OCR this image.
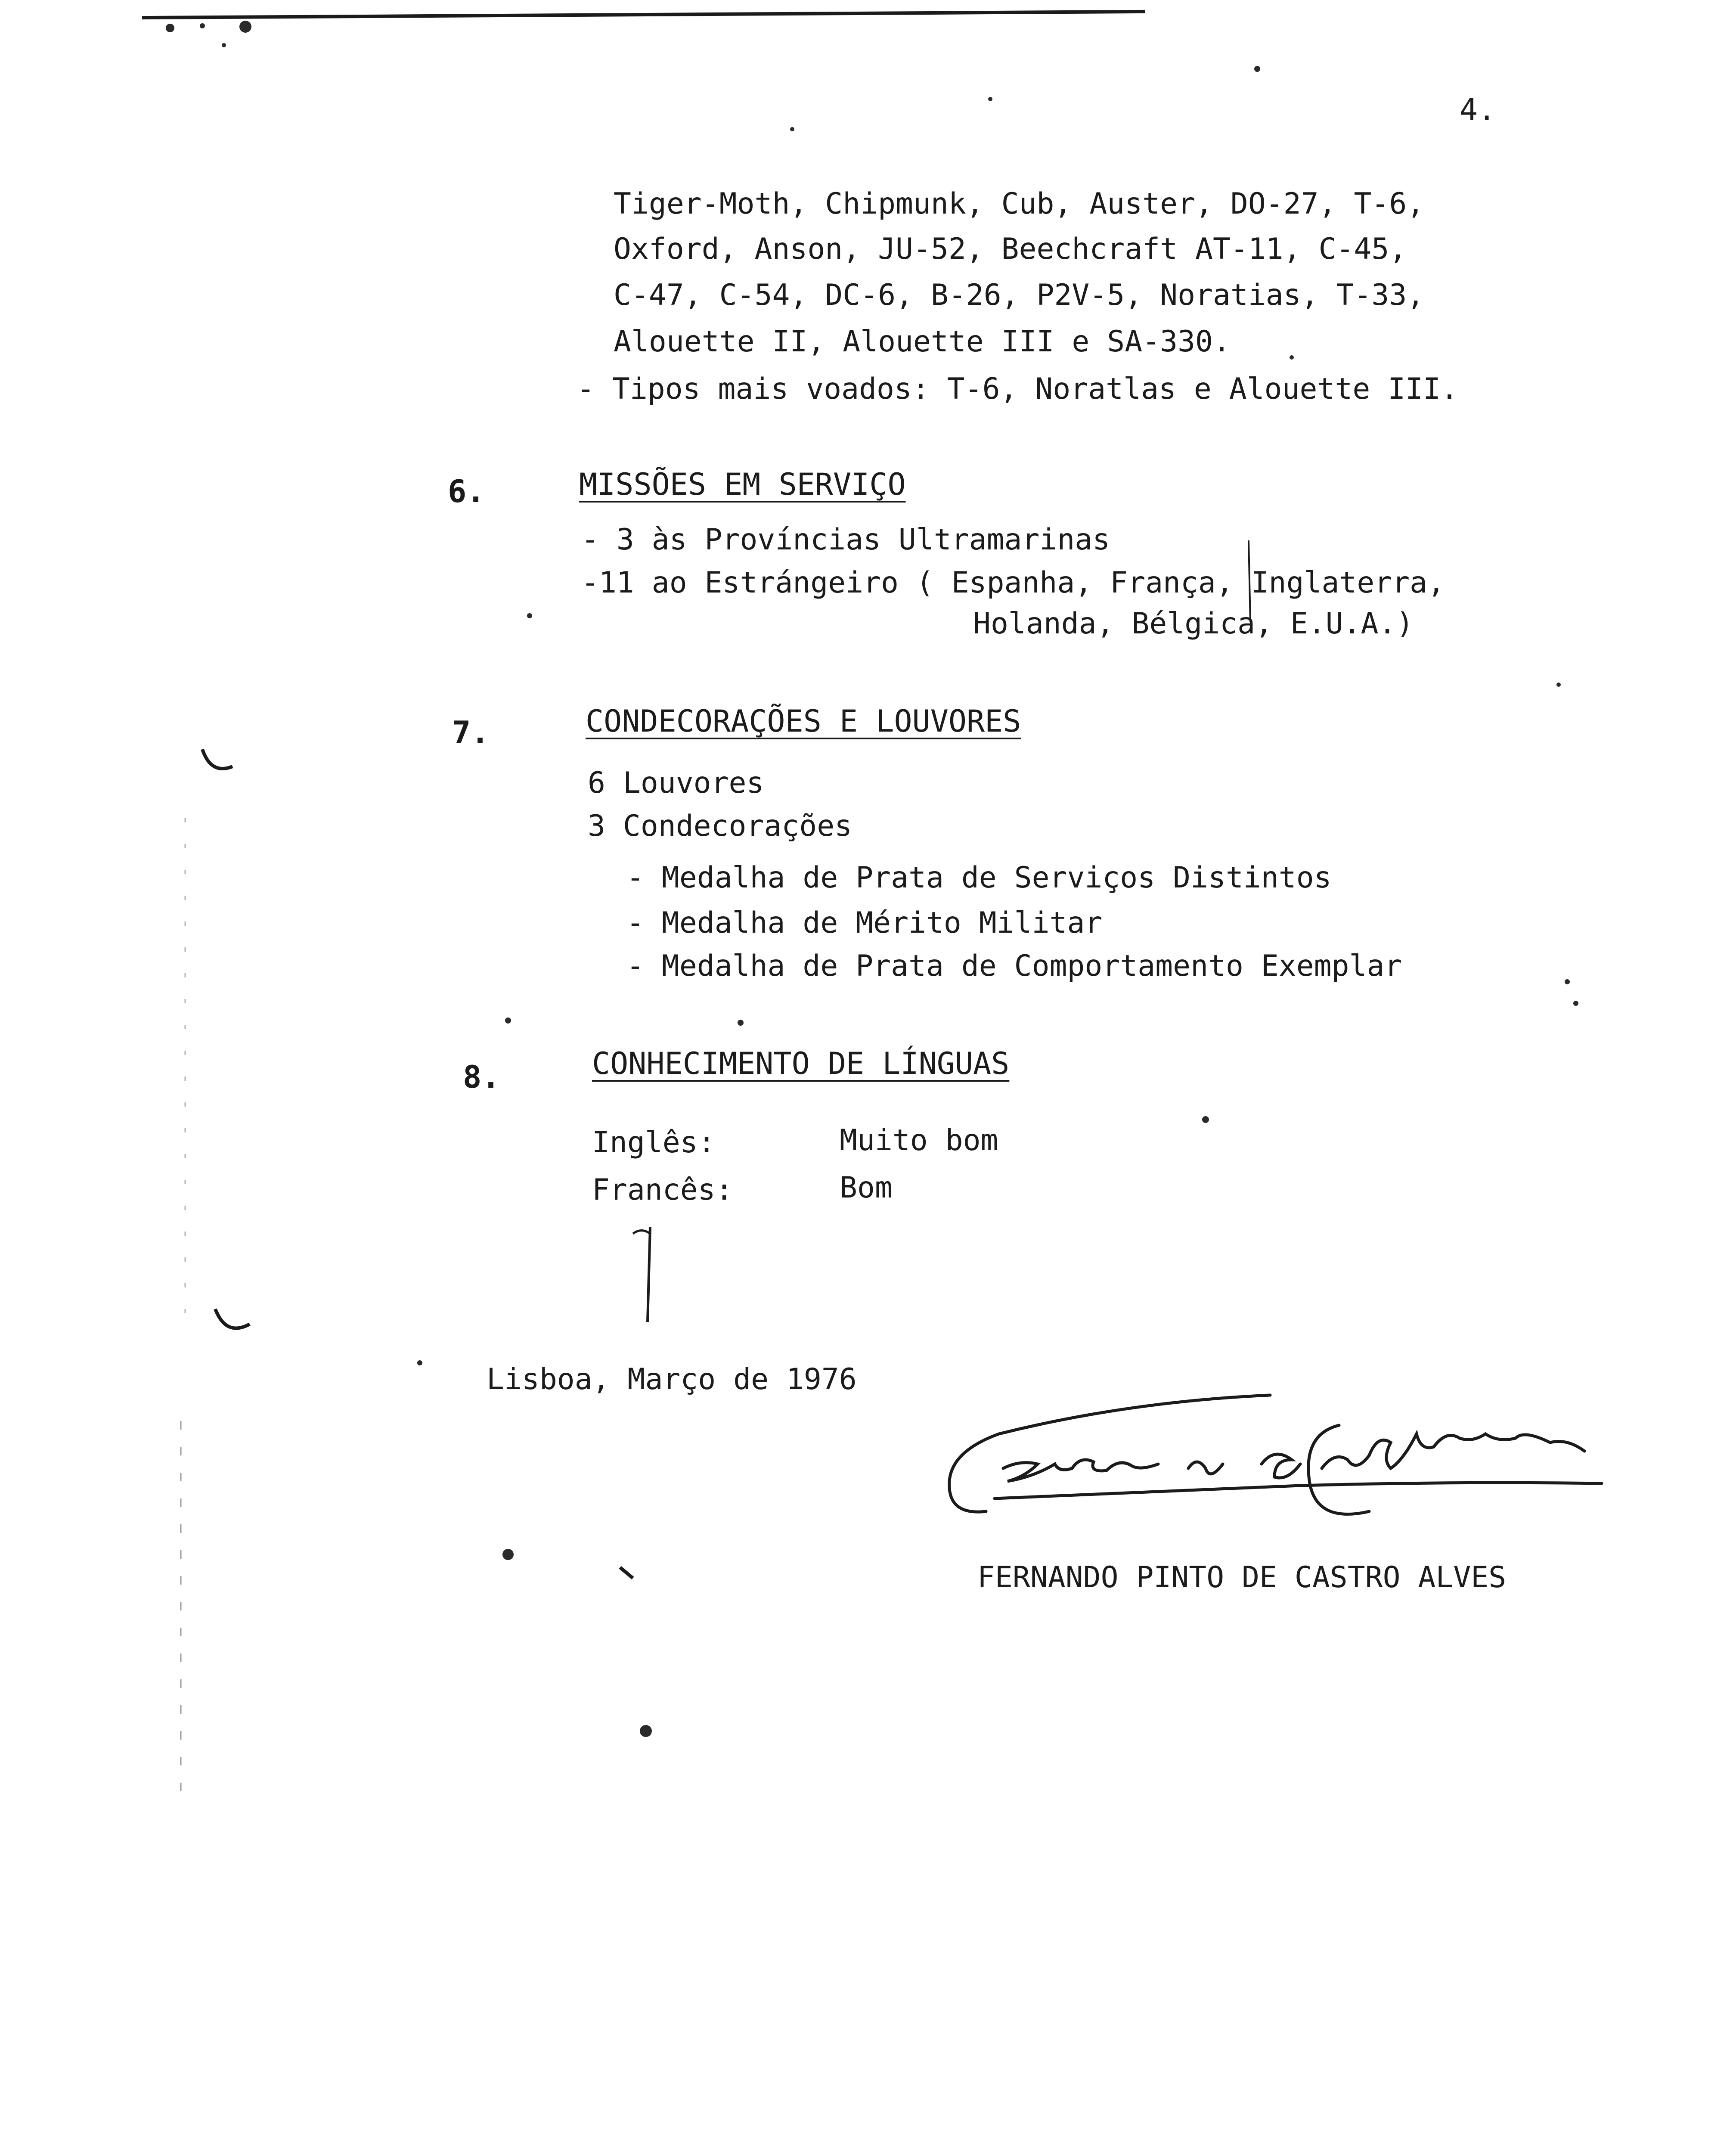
4.
Tiger-Moth, Chipmunk, Cub, Auster, DO-27, T-6,
Oxford, Anson, JU-52, Beechcraft AT-11, C-45,
C-47, C-54, DC-6, B-26, P2V-5, Noratias, T-33,
Alouette II, Alouette III e SA-330.
- Tipos mais voados: T-6, Noratlas e Alouette III.
6.	MISSÕES EM SERVIÇO
- 3 às Províncias Ultramarinas
-11 ao Estrángeiro ( Espanha, França, Inglaterra,
Holanda, Bélgica, E.U.A.)
7.	CONDECORAÇÕES E LOUVORES
6 Louvores
3 Condecorações
- Medalha de Prata de Serviços Distintos
- Medalha de Mérito Militar
- Medalha de Prata de Comportamento Exemplar
8.	CONHECIMENTO DE LÍNGUAS
Inglês:	Muito bom
Francês:	Bom
Lisboa, Março de 1976
FERNANDO PINTO DE CASTRO ALVES
